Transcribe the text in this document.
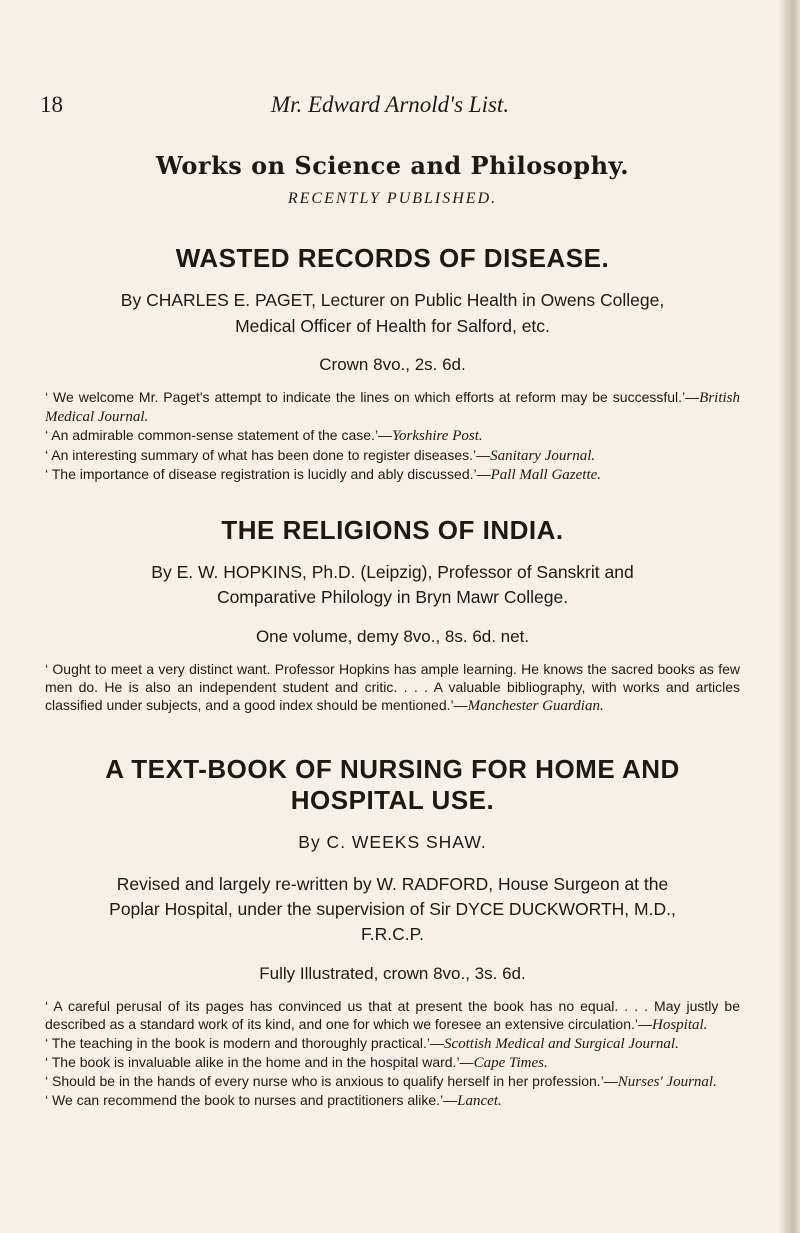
18	Mr. Edward Arnold's List.
Works on Science and Philosophy.
RECENTLY PUBLISHED.
WASTED RECORDS OF DISEASE.
By CHARLES E. PAGET, Lecturer on Public Health in Owens College,
Medical Officer of Health for Salford, etc.
Crown 8vo., 2s. 6d.

‘ We welcome Mr. Paget's attempt to indicate the lines on which efforts at reform may be successful.’—British Medical Journal.

‘ An admirable common-sense statement of the case.’—Yorkshire Post.

‘ An interesting summary of what has been done to register diseases.’—Sanitary Journal.

‘ The importance of disease registration is lucidly and ably discussed.’—Pall Mall Gazette.

THE RELIGIONS OF INDIA.
By E. W. HOPKINS, Ph.D. (Leipzig), Professor of Sanskrit and
Comparative Philology in Bryn Mawr College.
One volume, demy 8vo., 8s. 6d. net.

‘ Ought to meet a very distinct want. Professor Hopkins has ample learning. He knows the sacred books as few men do. He is also an independent student and critic. . . . A valuable bibliography, with works and articles classified under subjects, and a good index should be mentioned.’—Manchester Guardian.

A TEXT-BOOK OF NURSING FOR HOME AND
HOSPITAL USE.
By C. WEEKS SHAW.
Revised and largely re-written by W. RADFORD, House Surgeon at the
Poplar Hospital, under the supervision of Sir DYCE DUCKWORTH, M.D.,
F.R.C.P.
Fully Illustrated, crown 8vo., 3s. 6d.

‘ A careful perusal of its pages has convinced us that at present the book has no equal. . . . May justly be described as a standard work of its kind, and one for which we foresee an extensive circulation.’—Hospital.

‘ The teaching in the book is modern and thoroughly practical.’—Scottish Medical and Surgical Journal.

‘ The book is invaluable alike in the home and in the hospital ward.’—Cape Times.

‘ Should be in the hands of every nurse who is anxious to qualify herself in her profession.’—Nurses' Journal.

‘ We can recommend the book to nurses and practitioners alike.’—Lancet.
